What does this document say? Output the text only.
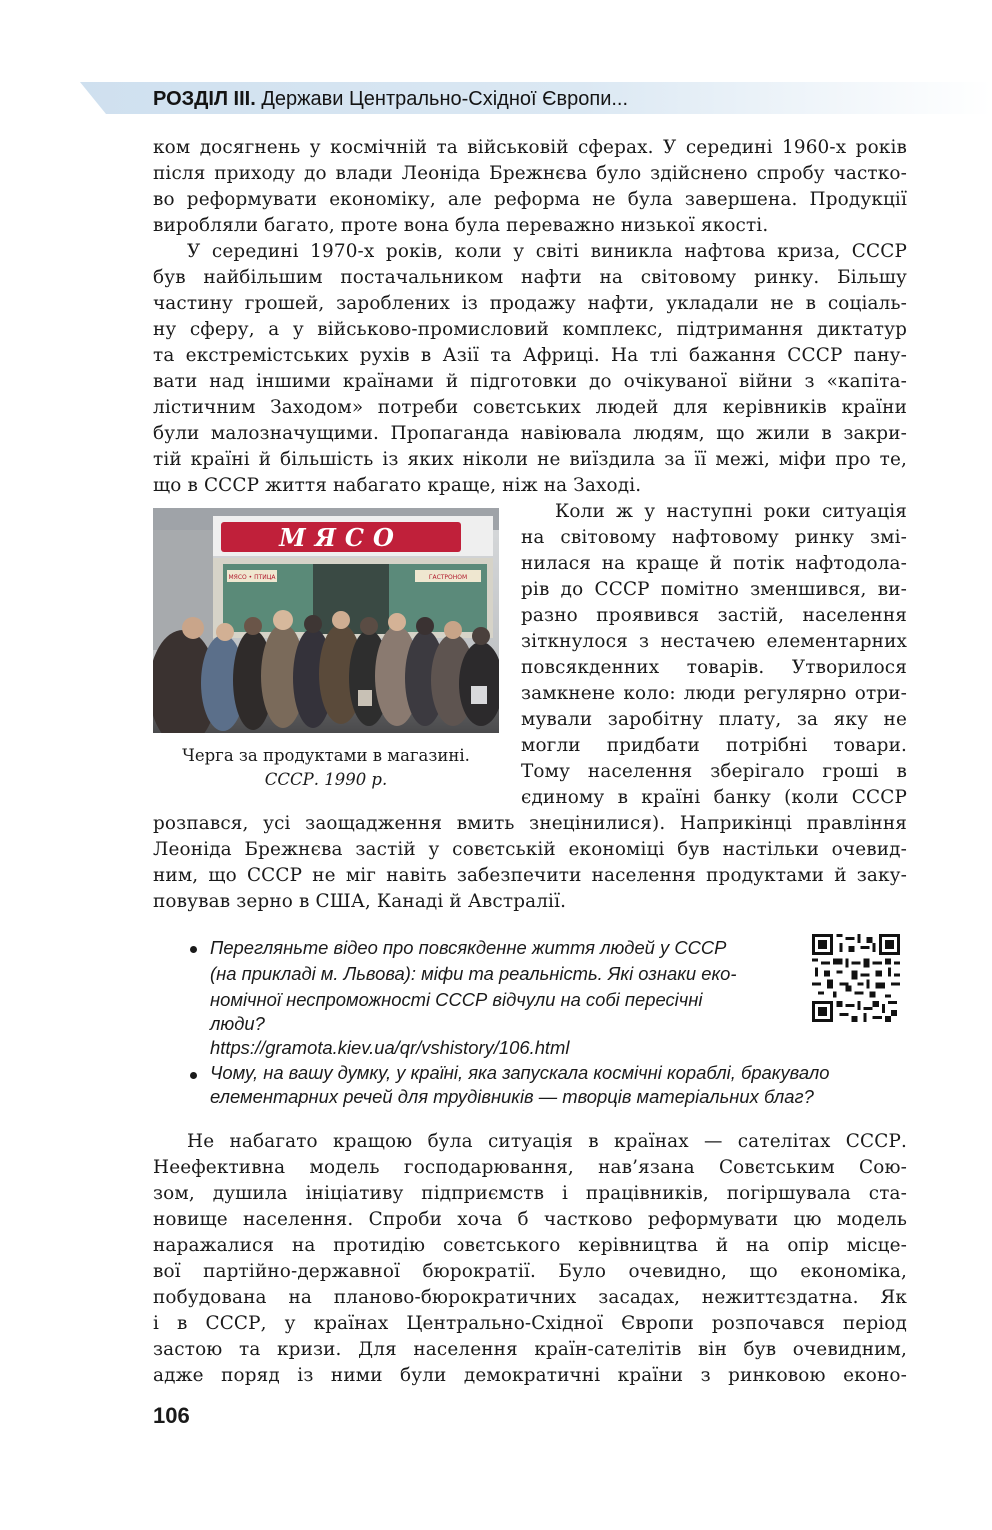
РОЗДІЛ III. Держави Центрально-Східної Європи...

ком досягнень у космічній та військовій сферах. У середині 1960-х років

після приходу до влади Леоніда Брежнєва було здійснено спробу частко-

во реформувати економіку, але реформа не була завершена. Продукції

виробляли багато, проте вона була переважно низької якості.

У середині 1970-х років, коли у світі виникла нафтова криза, СССР

був найбільшим постачальником нафти на світовому ринку. Більшу

частину грошей, зароблених із продажу нафти, укладали не в соціаль-

ну сферу, а у військово-промисловий комплекс, підтримання диктатур

та екстремістських рухів в Азії та Африці. На тлі бажання СССР пану-

вати над іншими країнами й підготовки до очікуваної війни з «капіта-

лістичним Заходом» потреби совєтських людей для керівників країни

були малозначущими. Пропаганда навіювала людям, що жили в закри-

тій країні й більшість із яких ніколи не виїздила за її межі, міфи про те,

що в СССР життя набагато краще, ніж на Заході.

МЯСО
МЯСО • ПТИЦА	ГАСТРОНОМ
Черга за продуктами в магазині.
СССР. 1990 р.

Коли ж у наступні роки ситуація

на світовому нафтовому ринку змі-

нилася на краще й потік нафтодола-

рів до СССР помітно зменшився, ви-

разно проявився застій, населення

зіткнулося з нестачею елементарних

повсякденних товарів. Утворилося

замкнене коло: люди регулярно отри-

мували заробітну плату, за яку не

могли придбати потрібні товари.

Тому населення зберігало гроші в

єдиному в країні банку (коли СССР

розпався, усі заощадження вмить знецінилися). Наприкінці правління

Леоніда Брежнєва застій у совєтській економіці був настільки очевид-

ним, що СССР не міг навіть забезпечити населення продуктами й заку-

повував зерно в США, Канаді й Австралії.

Перегляньте відео про повсякденне життя людей у СССР
(на прикладі м. Львова): міфи та реальність. Які ознаки еко-
номічної неспроможності СССР відчули на собі пересічні
люди?
https://gramota.kiev.ua/qr/vshistory/106.html
Чому, на вашу думку, у країні, яка запускала космічні кораблі, бракувало
елементарних речей для трудівників — творців матеріальних благ?

Не набагато кращою була ситуація в країнах — сателітах СССР.

Неефективна модель господарювання, нав’язана Совєтським Сою-

зом, душила ініціативу підприємств і працівників, погіршувала ста-

новище населення. Спроби хоча б частково реформувати цю модель

наражалися на протидію совєтського керівництва й на опір місце-

вої партійно-державної бюрократії. Було очевидно, що економіка,

побудована на планово-бюрократичних засадах, нежиттєздатна. Як

і в СССР, у країнах Центрально-Східної Європи розпочався період

застою та кризи. Для населення країн-сателітів він був очевидним,

адже поряд із ними були демократичні країни з ринковою еконо-

106
